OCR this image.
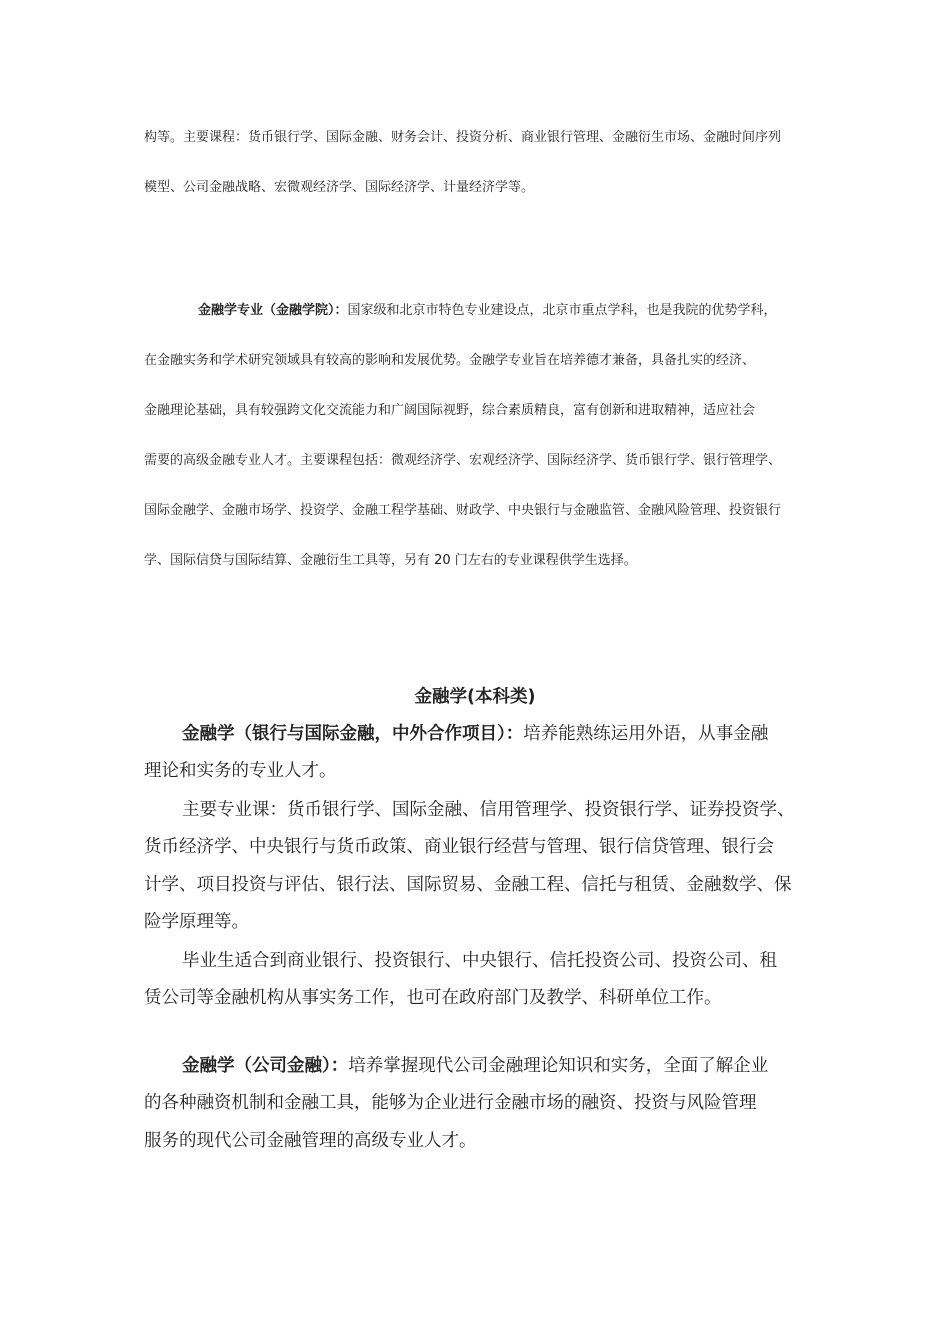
构等。主要课程：货币银行学、国际金融、财务会计、投资分析、商业银行管理、金融衍生市场、金融时间序列
模型、公司金融战略、宏微观经济学、国际经济学、计量经济学等。
金融学专业（金融学院）：国家级和北京市特色专业建设点，北京市重点学科，也是我院的优势学科，
在金融实务和学术研究领域具有较高的影响和发展优势。金融学专业旨在培养德才兼备，具备扎实的经济、
金融理论基础，具有较强跨文化交流能力和广阔国际视野，综合素质精良，富有创新和进取精神，适应社会
需要的高级金融专业人才。主要课程包括：微观经济学、宏观经济学、国际经济学、货币银行学、银行管理学、
国际金融学、金融市场学、投资学、金融工程学基础、财政学、中央银行与金融监管、金融风险管理、投资银行
学、国际信贷与国际结算、金融衍生工具等，另有 20 门左右的专业课程供学生选择。
金融学(本科类)
金融学（银行与国际金融，中外合作项目）：培养能熟练运用外语，从事金融
理论和实务的专业人才。
主要专业课：货币银行学、国际金融、信用管理学、投资银行学、证券投资学、
货币经济学、中央银行与货币政策、商业银行经营与管理、银行信贷管理、银行会
计学、项目投资与评估、银行法、国际贸易、金融工程、信托与租赁、金融数学、保
险学原理等。
毕业生适合到商业银行、投资银行、中央银行、信托投资公司、投资公司、租
赁公司等金融机构从事实务工作，也可在政府部门及教学、科研单位工作。
金融学（公司金融）：培养掌握现代公司金融理论知识和实务，全面了解企业
的各种融资机制和金融工具，能够为企业进行金融市场的融资、投资与风险管理
服务的现代公司金融管理的高级专业人才。
